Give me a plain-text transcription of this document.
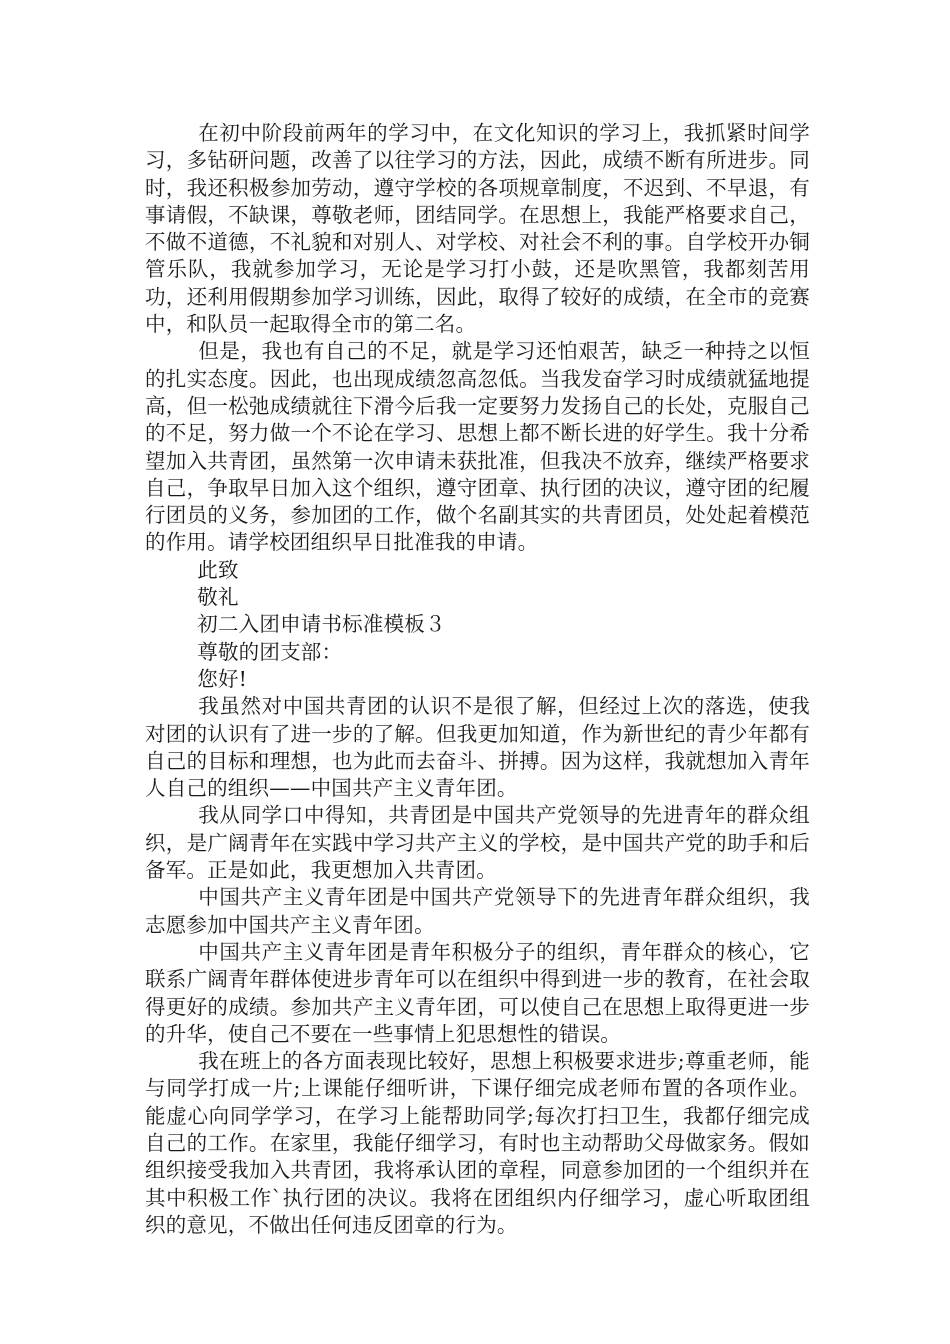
在初中阶段前两年的学习中，在文化知识的学习上，我抓紧时间学习，多钻研问题，改善了以往学习的方法，因此，成绩不断有所进步。同时，我还积极参加劳动，遵守学校的各项规章制度，不迟到、不早退，有事请假，不缺课，尊敬老师，团结同学。在思想上，我能严格要求自己，不做不道德，不礼貌和对别人、对学校、对社会不利的事。自学校开办铜管乐队，我就参加学习，无论是学习打小鼓，还是吹黑管，我都刻苦用功，还利用假期参加学习训练，因此，取得了较好的成绩，在全市的竞赛中，和队员一起取得全市的第二名。

但是，我也有自己的不足，就是学习还怕艰苦，缺乏一种持之以恒的扎实态度。因此，也出现成绩忽高忽低。当我发奋学习时成绩就猛地提高，但一松弛成绩就往下滑今后我一定要努力发扬自己的长处，克服自己的不足，努力做一个不论在学习、思想上都不断长进的好学生。我十分希望加入共青团，虽然第一次申请未获批准，但我决不放弃，继续严格要求自己，争取早日加入这个组织，遵守团章、执行团的决议，遵守团的纪履行团员的义务，参加团的工作，做个名副其实的共青团员，处处起着模范的作用。请学校团组织早日批准我的申请。

此致

敬礼

初二入团申请书标准模板３

尊敬的团支部：

您好!

我虽然对中国共青团的认识不是很了解，但经过上次的落选，使我对团的认识有了进一步的了解。但我更加知道，作为新世纪的青少年都有自己的目标和理想，也为此而去奋斗、拼搏。因为这样，我就想加入青年人自己的组织——中国共产主义青年团。

我从同学口中得知，共青团是中国共产党领导的先进青年的群众组织，是广阔青年在实践中学习共产主义的学校，是中国共产党的助手和后备军。正是如此，我更想加入共青团。

中国共产主义青年团是中国共产党领导下的先进青年群众组织，我志愿参加中国共产主义青年团。

中国共产主义青年团是青年积极分子的组织，青年群众的核心，它联系广阔青年群体使进步青年可以在组织中得到进一步的教育，在社会取得更好的成绩。参加共产主义青年团，可以使自己在思想上取得更进一步的升华，使自己不要在一些事情上犯思想性的错误。

我在班上的各方面表现比较好，思想上积极要求进步;尊重老师，能与同学打成一片;上课能仔细听讲，下课仔细完成老师布置的各项作业。能虚心向同学学习，在学习上能帮助同学;每次打扫卫生，我都仔细完成自己的工作。在家里，我能仔细学习，有时也主动帮助父母做家务。假如组织接受我加入共青团，我将承认团的章程，同意参加团的一个组织并在其中积极工作`执行团的决议。我将在团组织内仔细学习，虚心听取团组织的意见，不做出任何违反团章的行为。
